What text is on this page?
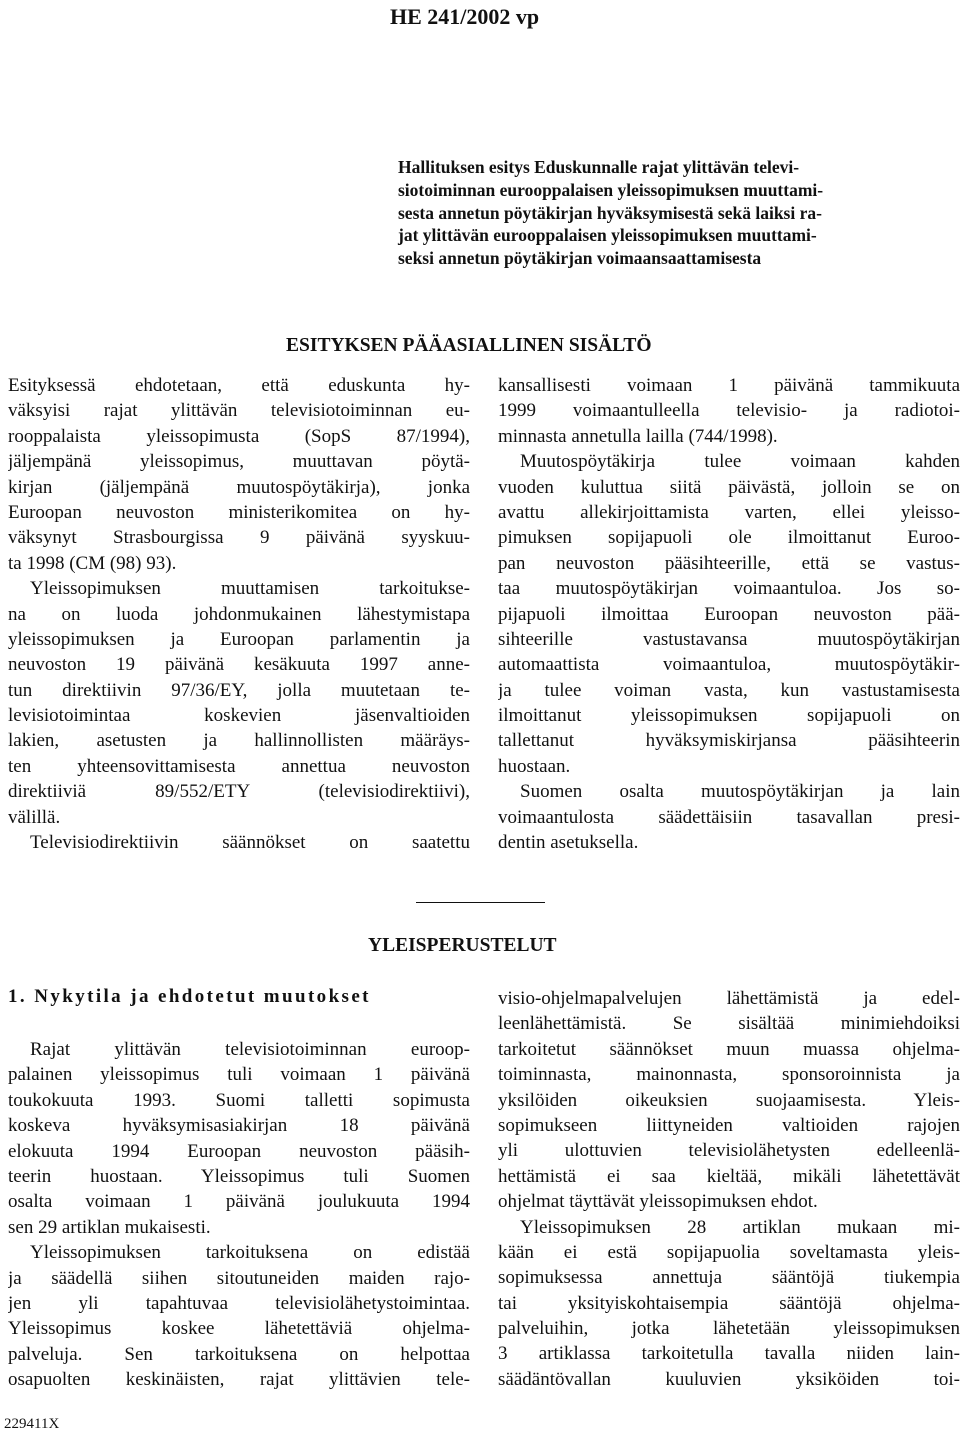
HE 241/2002 vp
Hallituksen esitys Eduskunnalle rajat ylittävän televi-
siotoiminnan eurooppalaisen yleissopimuksen muuttami-
sesta annetun pöytäkirjan hyväksymisestä sekä laiksi ra-
jat ylittävän eurooppalaisen yleissopimuksen muuttami-
seksi annetun pöytäkirjan voimaansaattamisesta
ESITYKSEN PÄÄASIALLINEN SISÄLTÖ

Esityksessä ehdotetaan, että eduskunta hy-
väksyisi rajat ylittävän televisiotoiminnan eu-
rooppalaista yleissopimusta (SopS 87/1994),
jäljempänä yleissopimus, muuttavan pöytä-
kirjan (jäljempänä muutospöytäkirja), jonka
Euroopan neuvoston ministerikomitea on hy-
väksynyt Strasbourgissa 9 päivänä syyskuu-
ta 1998 (CM (98) 93).

Yleissopimuksen muuttamisen tarkoitukse-
na on luoda johdonmukainen lähestymistapa
yleissopimuksen ja Euroopan parlamentin ja
neuvoston 19 päivänä kesäkuuta 1997 anne-
tun direktiivin 97/36/EY, jolla muutetaan te-
levisiotoimintaa koskevien jäsenvaltioiden
lakien, asetusten ja hallinnollisten määräys-
ten yhteensovittamisesta annettua neuvoston
direktiiviä 89/552/ETY (televisiodirektiivi),
välillä.

Televisiodirektiivin säännökset on saatettu

kansallisesti voimaan 1 päivänä tammikuuta
1999 voimaantulleella televisio- ja radiotoi-
minnasta annetulla lailla (744/1998).

Muutospöytäkirja tulee voimaan kahden
vuoden kuluttua siitä päivästä, jolloin se on
avattu allekirjoittamista varten, ellei yleisso-
pimuksen sopijapuoli ole ilmoittanut Euroo-
pan neuvoston pääsihteerille, että se vastus-
taa muutospöytäkirjan voimaantuloa. Jos so-
pijapuoli ilmoittaa Euroopan neuvoston pää-
sihteerille vastustavansa muutospöytäkirjan
automaattista voimaantuloa, muutospöytäkir-
ja tulee voiman vasta, kun vastustamisesta
ilmoittanut yleissopimuksen sopijapuoli on
tallettanut hyväksymiskirjansa pääsihteerin
huostaan.

Suomen osalta muutospöytäkirjan ja lain
voimaantulosta säädettäisiin tasavallan presi-
dentin asetuksella.

YLEISPERUSTELUT
1. Nykytila ja ehdotetut muutokset

Rajat ylittävän televisiotoiminnan euroop-
palainen yleissopimus tuli voimaan 1 päivänä
toukokuuta 1993. Suomi talletti sopimusta
koskeva hyväksymisasiakirjan 18 päivänä
elokuuta 1994 Euroopan neuvoston pääsih-
teerin huostaan. Yleissopimus tuli Suomen
osalta voimaan 1 päivänä joulukuuta 1994
sen 29 artiklan mukaisesti.

Yleissopimuksen tarkoituksena on edistää
ja säädellä siihen sitoutuneiden maiden rajo-
jen yli tapahtuvaa televisiolähetystoimintaa.
Yleissopimus koskee lähetettäviä ohjelma-
palveluja. Sen tarkoituksena on helpottaa
osapuolten keskinäisten, rajat ylittävien tele-

visio-ohjelmapalvelujen lähettämistä ja edel-
leenlähettämistä. Se sisältää minimiehdoiksi
tarkoitetut säännökset muun muassa ohjelma-
toiminnasta, mainonnasta, sponsoroinnista ja
yksilöiden oikeuksien suojaamisesta. Yleis-
sopimukseen liittyneiden valtioiden rajojen
yli ulottuvien televisiolähetysten edelleenlä-
hettämistä ei saa kieltää, mikäli lähetettävät
ohjelmat täyttävät yleissopimuksen ehdot.

Yleissopimuksen 28 artiklan mukaan mi-
kään ei estä sopijapuolia soveltamasta yleis-
sopimuksessa annettuja sääntöjä tiukempia
tai yksityiskohtaisempia sääntöjä ohjelma-
palveluihin, jotka lähetetään yleissopimuksen
3 artiklassa tarkoitetulla tavalla niiden lain-
säädäntövallan kuuluvien yksiköiden toi-

229411X
